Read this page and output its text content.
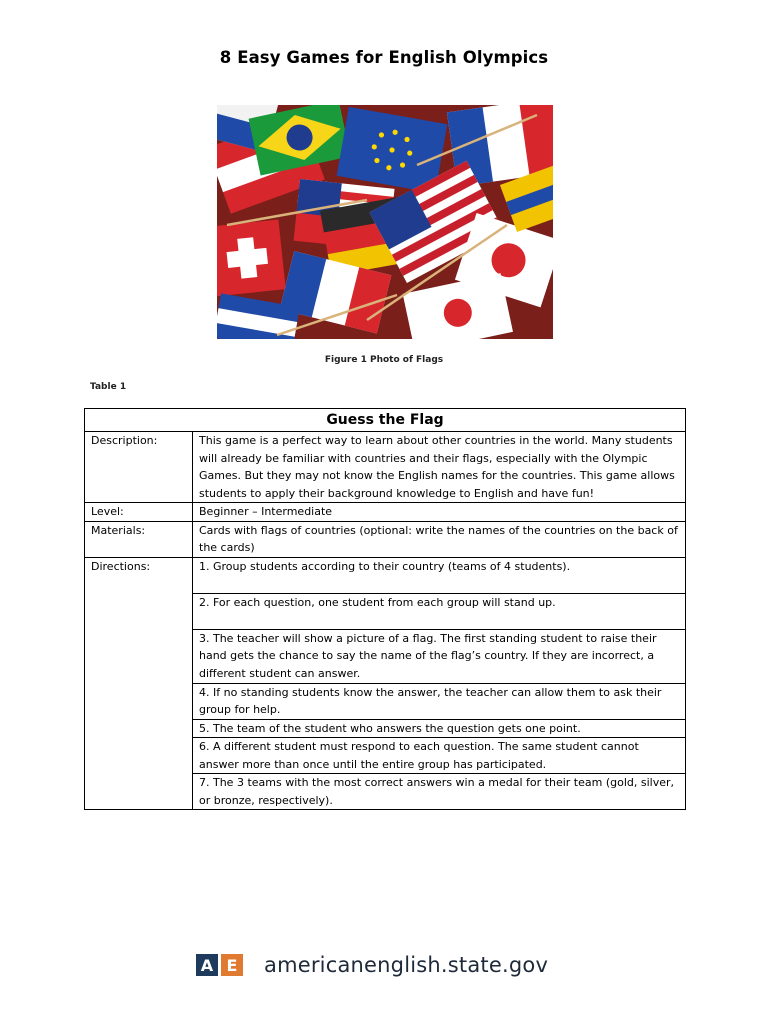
8 Easy Games for English Olympics
Figure 1 Photo of Flags
Table 1
Guess the Flag	
Description:	This game is a perfect way to learn about other countries in the world. Many students will already be familiar with countries and their flags, especially with the Olympic Games. But they may not know the English names for the countries. This game allows students to apply their background knowledge to English and have fun!
Level:	Beginner – Intermediate
Materials:	Cards with flags of countries (optional: write the names of the countries on the back of the cards)
Directions:	1. Group students according to their country (teams of 4 students).
	2. For each question, one student from each group will stand up.
	3. The teacher will show a picture of a flag. The first standing student to raise their hand gets the chance to say the name of the flag’s country. If they are incorrect, a different student can answer.
	4. If no standing students know the answer, the teacher can allow them to ask their group for help.
	5. The team of the student who answers the question gets one point.
	6. A different student must respond to each question. The same student cannot answer more than once until the entire group has participated.
	7. The 3 teams with the most correct answers win a medal for their team (gold, silver, or bronze, respectively).
A E americanenglish.state.gov
